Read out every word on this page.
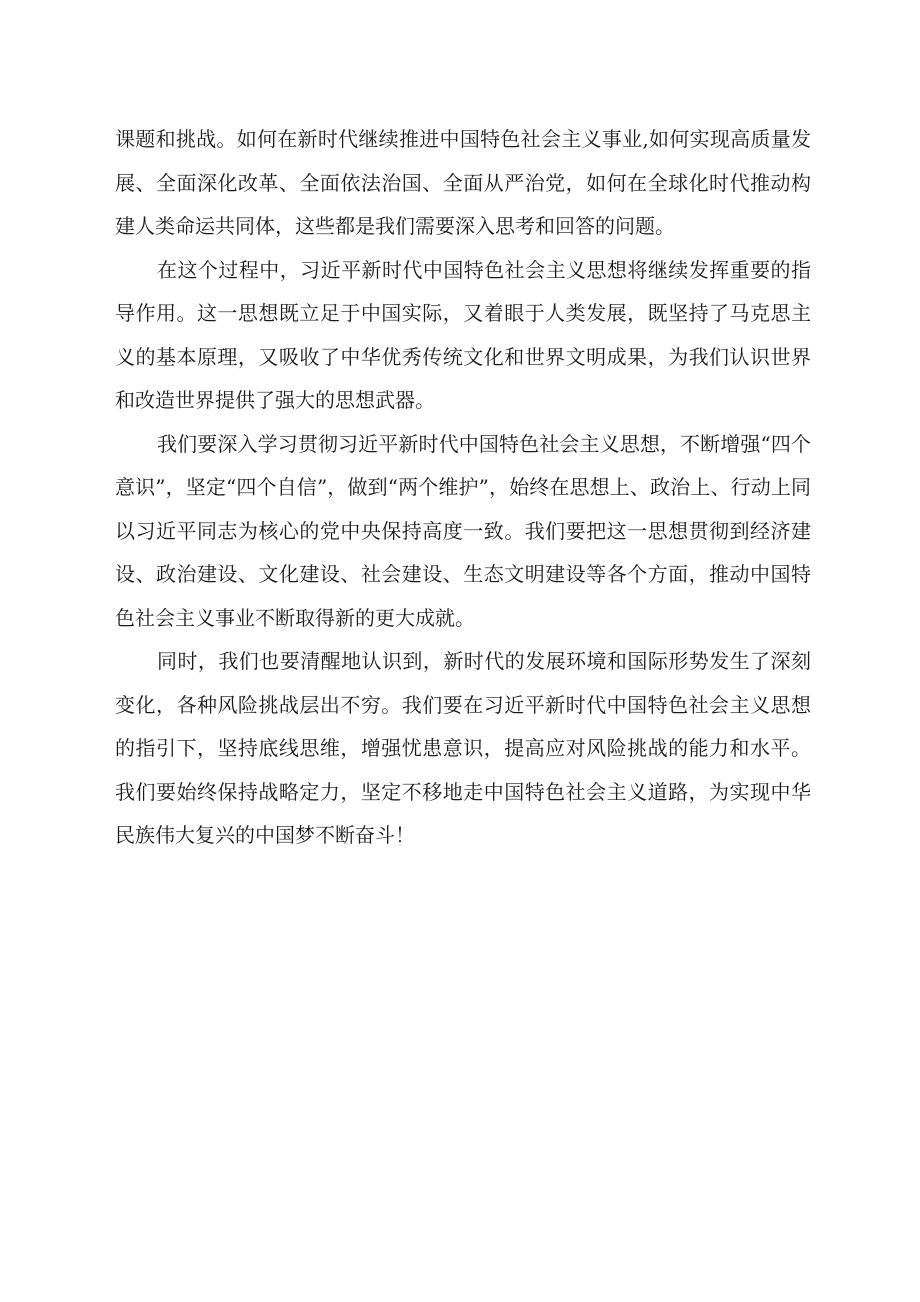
课题和挑战。如何在新时代继续推进中国特色社会主义事业,如何实现高质量发展、全面深化改革、全面依法治国、全面从严治党，如何在全球化时代推动构建人类命运共同体，这些都是我们需要深入思考和回答的问题。

在这个过程中，习近平新时代中国特色社会主义思想将继续发挥重要的指导作用。这一思想既立足于中国实际，又着眼于人类发展，既坚持了马克思主义的基本原理，又吸收了中华优秀传统文化和世界文明成果，为我们认识世界和改造世界提供了强大的思想武器。

我们要深入学习贯彻习近平新时代中国特色社会主义思想，不断增强“四个意识”，坚定“四个自信”，做到“两个维护”，始终在思想上、政治上、行动上同以习近平同志为核心的党中央保持高度一致。我们要把这一思想贯彻到经济建设、政治建设、文化建设、社会建设、生态文明建设等各个方面，推动中国特色社会主义事业不断取得新的更大成就。

同时，我们也要清醒地认识到，新时代的发展环境和国际形势发生了深刻变化，各种风险挑战层出不穷。我们要在习近平新时代中国特色社会主义思想的指引下，坚持底线思维，增强忧患意识，提高应对风险挑战的能力和水平。我们要始终保持战略定力，坚定不移地走中国特色社会主义道路，为实现中华民族伟大复兴的中国梦不断奋斗！
